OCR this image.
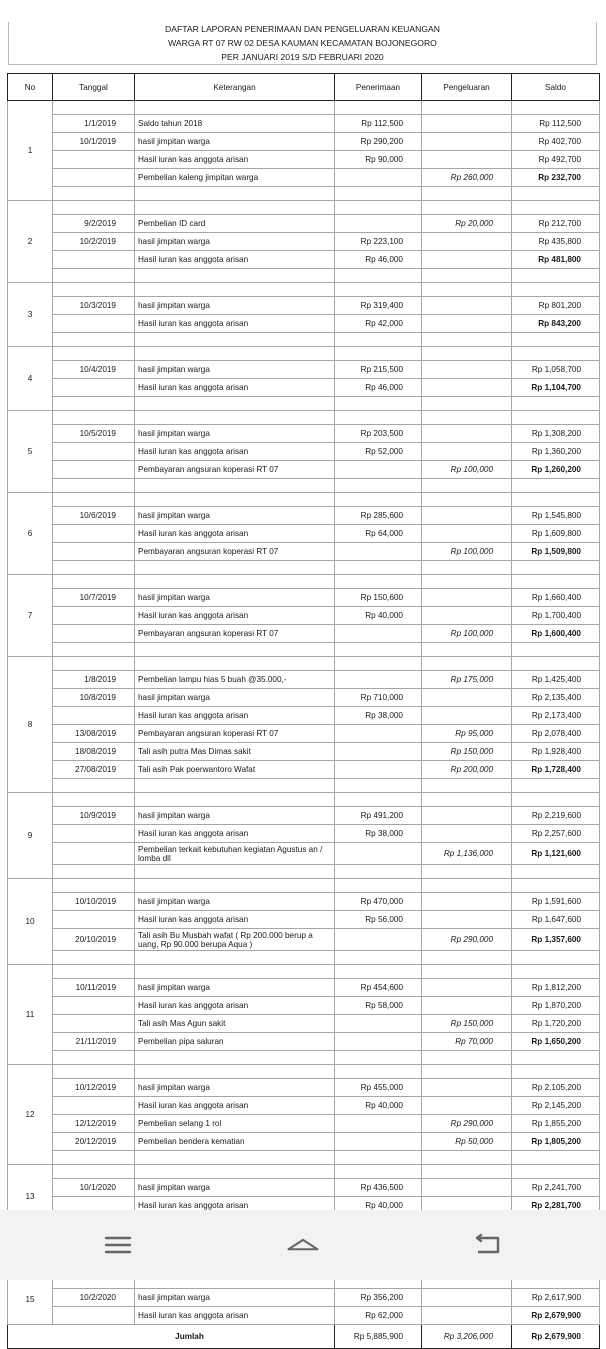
DAFTAR LAPORAN PENERIMAAN DAN PENGELUARAN KEUANGAN
WARGA RT 07 RW 02 DESA KAUMAN KECAMATAN BOJONEGORO
PER JANUARI 2019 S/D FEBRUARI 2020
No	Tanggal	Keterangan	Penerimaan	Pengeluaran	Saldo
1					
	1/1/2019	Saldo tahun 2018	Rp 112,500		Rp 112,500
	10/1/2019	hasil jimpitan warga	Rp 290,200		Rp 402,700
		Hasil iuran kas anggota arisan	Rp 90,000		Rp 492,700
		Pembelian kaleng jimpitan warga		Rp 260,000	Rp 232,700

2					
	9/2/2019	Pembelian ID card		Rp 20,000	Rp 212,700
	10/2/2019	hasil jimpitan warga	Rp 223,100		Rp 435,800
		Hasil iuran kas anggota arisan	Rp 46,000		Rp 481,800

3					
	10/3/2019	hasil jimpitan warga	Rp 319,400		Rp 801,200
		Hasil iuran kas anggota arisan	Rp 42,000		Rp 843,200

4					
	10/4/2019	hasil jimpitan warga	Rp 215,500		Rp 1,058,700
		Hasil iuran kas anggota arisan	Rp 46,000		Rp 1,104,700

5					
	10/5/2019	hasil jimpitan warga	Rp 203,500		Rp 1,308,200
		Hasil iuran kas anggota arisan	Rp 52,000		Rp 1,360,200
		Pembayaran angsuran koperasi RT 07		Rp 100,000	Rp 1,260,200

6					
	10/6/2019	hasil jimpitan warga	Rp 285,600		Rp 1,545,800
		Hasil iuran kas anggota arisan	Rp 64,000		Rp 1,609,800
		Pembayaran angsuran koperasi RT 07		Rp 100,000	Rp 1,509,800

7					
	10/7/2019	hasil jimpitan warga	Rp 150,600		Rp 1,660,400
		Hasil iuran kas anggota arisan	Rp 40,000		Rp 1,700,400
		Pembayaran angsuran koperasi RT 07		Rp 100,000	Rp 1,600,400

8					
	1/8/2019	Pembelian lampu hias 5 buah @35.000,-		Rp 175,000	Rp 1,425,400
	10/8/2019	hasil jimpitan warga	Rp 710,000		Rp 2,135,400
		Hasil iuran kas anggota arisan	Rp 38,000		Rp 2,173,400
	13/08/2019	Pembayaran angsuran koperasi RT 07		Rp 95,000	Rp 2,078,400
	18/08/2019	Tali asih putra Mas Dimas sakit		Rp 150,000	Rp 1,928,400
	27/08/2019	Tali asih Pak poerwantoro Wafat		Rp 200,000	Rp 1,728,400

9					
	10/9/2019	hasil jimpitan warga	Rp 491,200		Rp 2,219,600
		Hasil iuran kas anggota arisan	Rp 38,000		Rp 2,257,600
		Pembelian terkait kebutuhan kegiatan Agustus an / lomba dll		Rp 1,136,000	Rp 1,121,600

10					
	10/10/2019	hasil jimpitan warga	Rp 470,000		Rp 1,591,600
		Hasil iuran kas anggota arisan	Rp 56,000		Rp 1,647,600
	20/10/2019	Tali asih Bu Musbah wafat ( Rp 200.000 berup a uang, Rp 90.000 berupa Aqua )		Rp 290,000	Rp 1,357,600

11					
	10/11/2019	hasil jimpitan warga	Rp 454,600		Rp 1,812,200
		Hasil iuran kas anggota arisan	Rp 58,000		Rp 1,870,200
		Tali asih Mas Agun sakit		Rp 150,000	Rp 1,720,200
	21/11/2019	Pembelian pipa saluran		Rp 70,000	Rp 1,650,200

12					
	10/12/2019	hasil jimpitan warga	Rp 455,000		Rp 2,105,200
		Hasil iuran kas anggota arisan	Rp 40,000		Rp 2,145,200
	12/12/2019	Pembelian selang 1 rol		Rp 290,000	Rp 1,855,200
	20/12/2019	Pembelian bendera kematian		Rp 50,000	Rp 1,805,200

13					
	10/1/2020	hasil jimpitan warga	Rp 436,500		Rp 2,241,700
		Hasil iuran kas anggota arisan	Rp 40,000		Rp 2,281,700

15					
	10/2/2020	hasil jimpitan warga	Rp 356,200		Rp 2,617,900
		Hasil iuran kas anggota arisan	Rp 62,000		Rp 2,679,900
Jumlah			Rp 5,885,900	Rp 3,206,000	Rp 2,679,900
